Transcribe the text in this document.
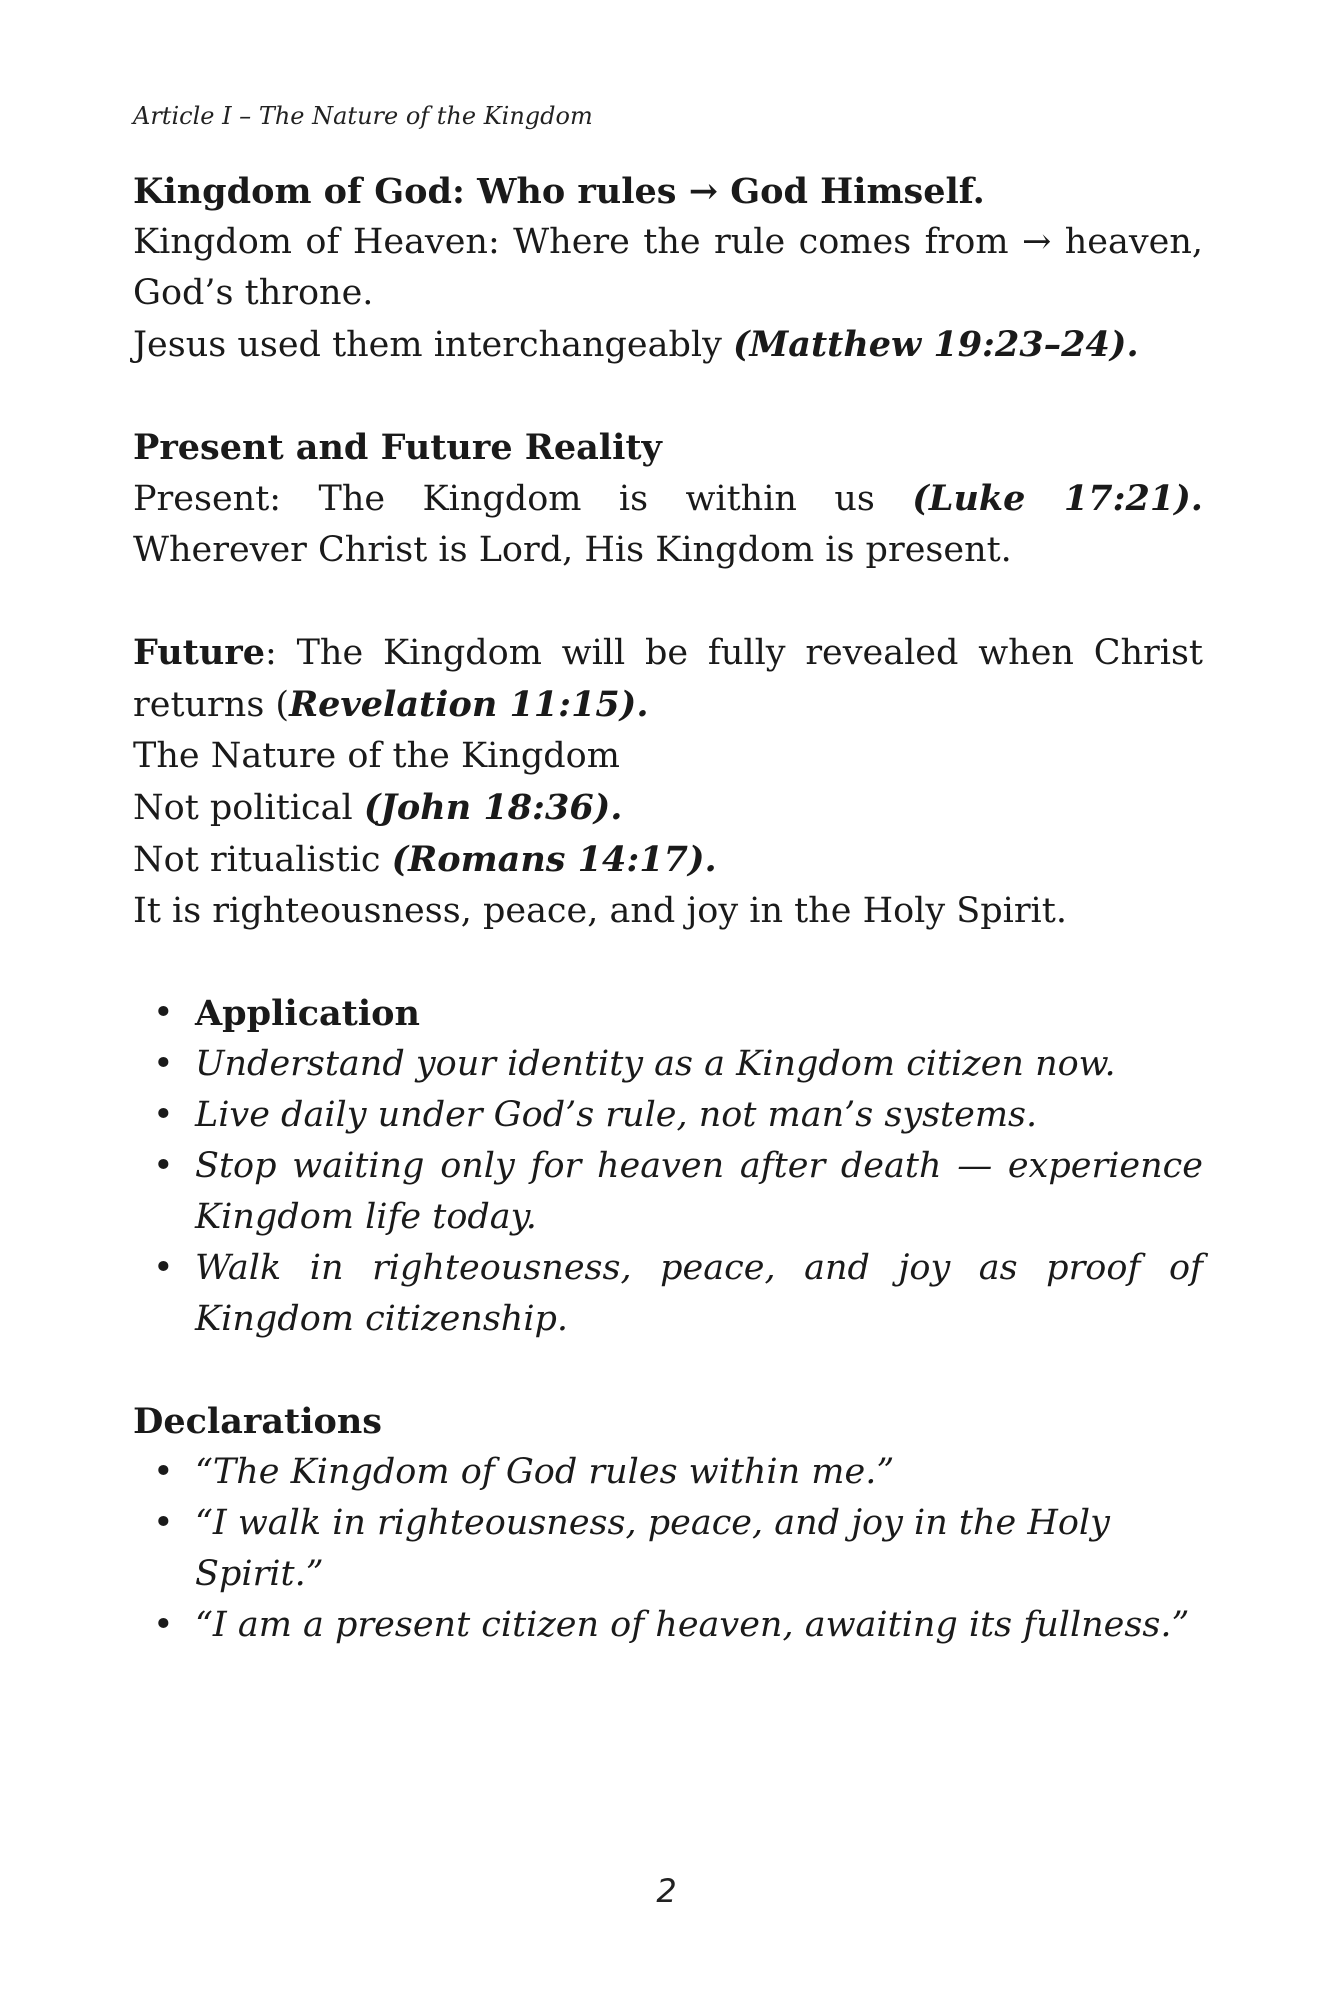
Article I – The Nature of the Kingdom

Kingdom of God: Who rules → God Himself.

Kingdom of Heaven: Where the rule comes from → heaven, God’s throne.

Jesus used them interchangeably (Matthew 19:23–24).

Present and Future Reality

Present: The Kingdom is within us (Luke 17:21). Wherever Christ is Lord, His Kingdom is present.

Future: The Kingdom will be fully revealed when Christ returns (Revelation 11:15).

The Nature of the Kingdom

Not political (John 18:36).

Not ritualistic (Romans 14:17).

It is righteousness, peace, and joy in the Holy Spirit.

• Application
• Understand your identity as a Kingdom citizen now.
• Live daily under God’s rule, not man’s systems.
• Stop waiting only for heaven after death — experience Kingdom life today.
• Walk in righteousness, peace, and joy as proof of Kingdom citizenship.

Declarations

• “The Kingdom of God rules within me.”
• “I walk in righteousness, peace, and joy in the Holy Spirit.”
• “I am a present citizen of heaven, awaiting its fullness.”
2
